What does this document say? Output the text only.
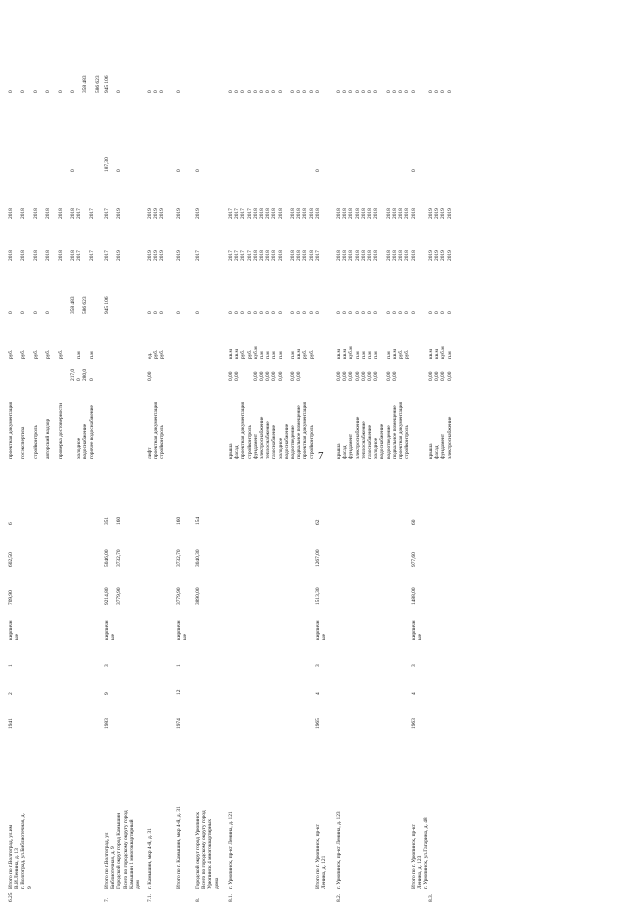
7
6.25
Итого по г.Волгоград, ул.им
В.И.Ленина, д. 13
г. Волгоград, ул.Библиотечная, д.
9
1941
2
1
кирпичн
ые
709,90
602,50
6
проектная документация

госэкспертиза

стройконтроль

авторский надзор

проверка достоверности

холодное
водоснабжение
горячее водоснабжение

217,0
0
280,0
0
руб.

руб.

руб.

руб.

руб.

п.м

п.м
0

0

0

0

358 483

586 623
2018

2018

2018

2018

2018

2018
2017

2017
2018

2018

2018

2018

2018

2018
2017

2017

0
0

0

0

0

0

0

358 483

586 623
7.
Итого по г.Волгоград, ул
Библиотечная, д. 9
Городской округ город Камышин
Всего по городскому округу город
Камышин 1 многоквартирный
дом
1983
9
3
кирпичн
ые
9214,80

3779,90
5046,00

3732,70
351

160
945 106
2017

2019
2017

2019
187,30

0
945 106

0
7.1.
г. Камышин, мкр 4-й, д. 31
лифт
проектная документация
стройконтроль
0,00
ед.
руб.
руб.
0
0
0
2019
2019
2019
2019
2019
2019
0
0
0
Итого по г. Камышин, мкр 4-й, д. 31
1974
12
1
кирпичн
ые
3779,90
3732,70
160
0
2019
2019
0
0
8.
Городской округ город Урюпинск
Всего по городскому округу город
Урюпинск 4 многоквартирных
дома
3890,00
3040,30
154
0
2017
2019
0
8.1.
г. Урюпинск, пр-кт Ленина, д. 121
крыша
фасад
проектная документация
стройконтроль
фундамент
электроснабжение
теплоснабжение
газоснабжение
холодное
водоснабжение
водоотведение
подвальное помещение
проектная документация
стройконтроль
0,00
0,00

0,00
0,00
0,00
0,00
0,00

0,00
0,00
кв.м
кв.м
руб.
руб.
куб.м
п.м
п.м
п.м
п.м

п.м
кв.м
руб.
руб.
0
0
0
0
0
0
0
0
0

0
0
0
0
2017
2017
2017
2017
2018
2018
2018
2018
2018

2018
2018
2018
2018
2017
2017
2017
2017
2018
2018
2018
2018
2018

2018
2018
2018
2018
0
0
0
0
0
0
0
0
0

0
0
0
0
Итого по г. Урюпинск, пр-кт
Ленина, д. 121
1965
4
3
кирпичн
ые
1513,30
1267,00
62
0
2017
2018
0
0
8.2.
г. Урюпинск, пр-кт Ленина, д. 123
крыша
фасад
фундамент
электроснабжение
теплоснабжение
газоснабжение
холодное
водоснабжение
водоотведение
подвальное помещение
проектная документация
стройконтроль
0,00
0,00
0,00
0,00
0,00
0,00
0,00

0,00
0,00
кв.м
кв.м
куб.м
п.м
п.м
п.м
п.м

п.м
кв.м
руб.
руб.
0
0
0
0
0
0
0

0
0
0
0
2018
2018
2018
2018
2018
2018
2018

2018
2018
2018
2018
2018
2018
2018
2018
2018
2018
2018

2018
2018
2018
2018
0
0
0
0
0
0
0

0
0
0
0
Итого по г. Урюпинск, пр-кт
Ленина, д. 123
г. Урюпинск, ул.Гагарина, д. 48
1963
4
3
кирпичн
ые
1488,00
977,60
60
0
2018
2018
0
0
8.3.
крыша
фасад
фундамент
электроснабжение
0,00
0,00
0,00
0,00
кв.м
кв.м
куб.м
п.м
0
0
0
0
2019
2019
2019
2019
2019
2019
2019
2019
0
0
0
0
